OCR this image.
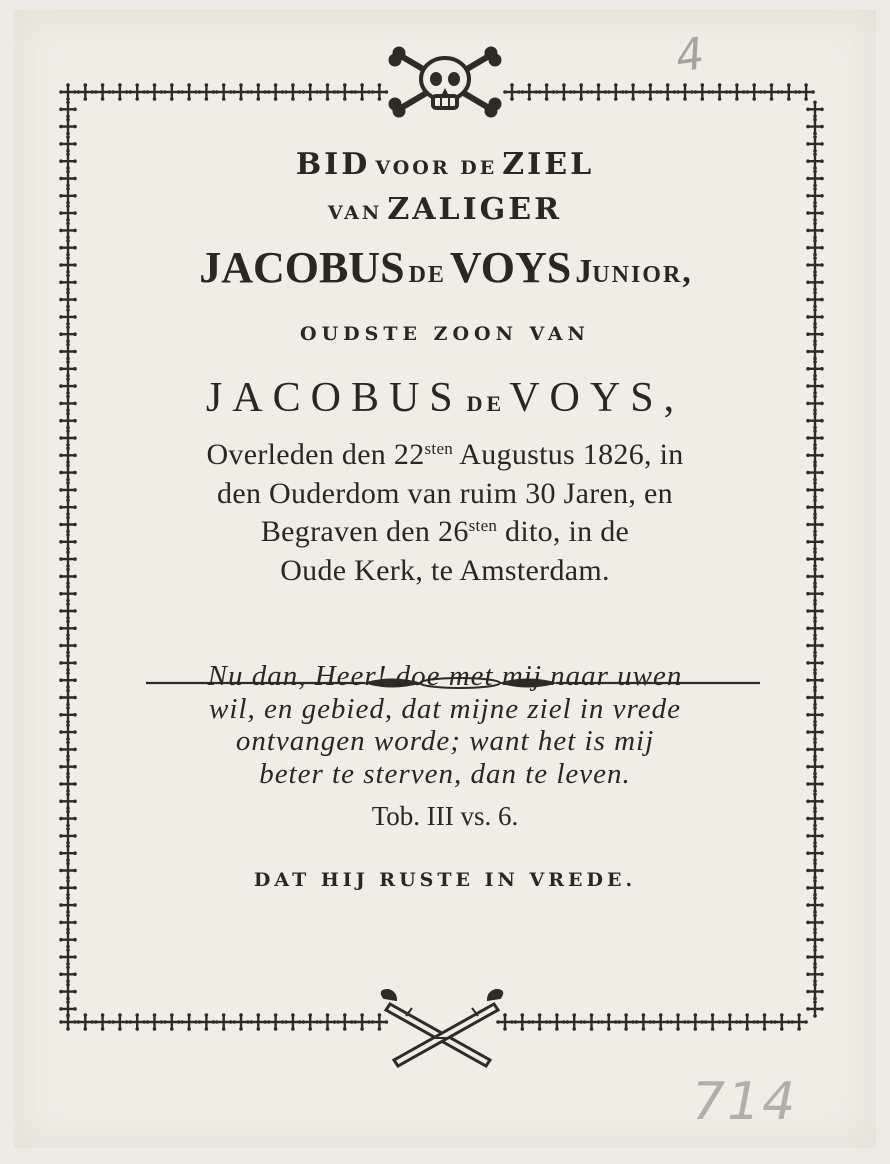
BID VOOR DE ZIEL
VAN ZALIGER
JACOBUS DE VOYS JUNIOR,
OUDSTE ZOON VAN
JACOBUS DE VOYS,
Overleden den $22^{sten}$ Augustus 1826, in
den Ouderdom van ruim 30 Jaren, en
Begraven den $26^{sten}$ dito, in de
Oude Kerk, te Amsterdam.
Nu dan, Heer! doe met mij naar uwen
wil, en gebied, dat mijne ziel in vrede
ontvangen worde; want het is mij
beter te sterven, dan te leven.
Tob. III vs. 6.
DAT HIJ RUSTE IN VREDE.
4
714
